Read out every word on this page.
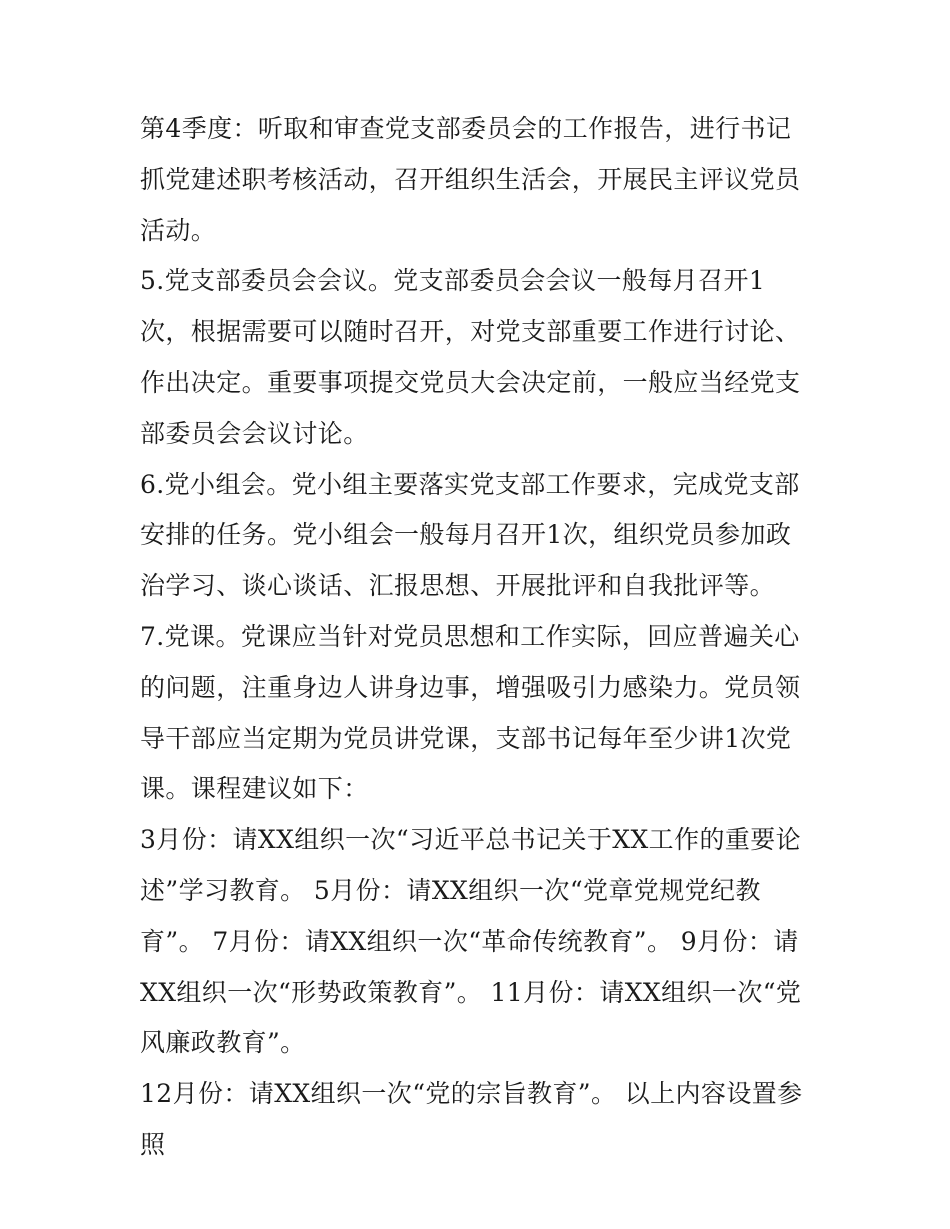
第4季度：听取和审查党支部委员会的工作报告，进行书记抓党建述职考核活动，召开组织生活会，开展民主评议党员活动。

5.党支部委员会会议。党支部委员会会议一般每月召开1次，根据需要可以随时召开，对党支部重要工作进行讨论、作出决定。重要事项提交党员大会决定前，一般应当经党支部委员会会议讨论。

6.党小组会。党小组主要落实党支部工作要求，完成党支部安排的任务。党小组会一般每月召开1次，组织党员参加政治学习、谈心谈话、汇报思想、开展批评和自我批评等。

7.党课。党课应当针对党员思想和工作实际，回应普遍关心的问题，注重身边人讲身边事，增强吸引力感染力。党员领导干部应当定期为党员讲党课，支部书记每年至少讲1次党课。课程建议如下：

3月份：请XX组织一次“习近平总书记关于XX工作的重要论述”学习教育。 5月份：请XX组织一次“党章党规党纪教育”。 7月份：请XX组织一次“革命传统教育”。 9月份：请XX组织一次“形势政策教育”。 11月份：请XX组织一次“党风廉政教育”。

12月份：请XX组织一次“党的宗旨教育”。 以上内容设置参照
